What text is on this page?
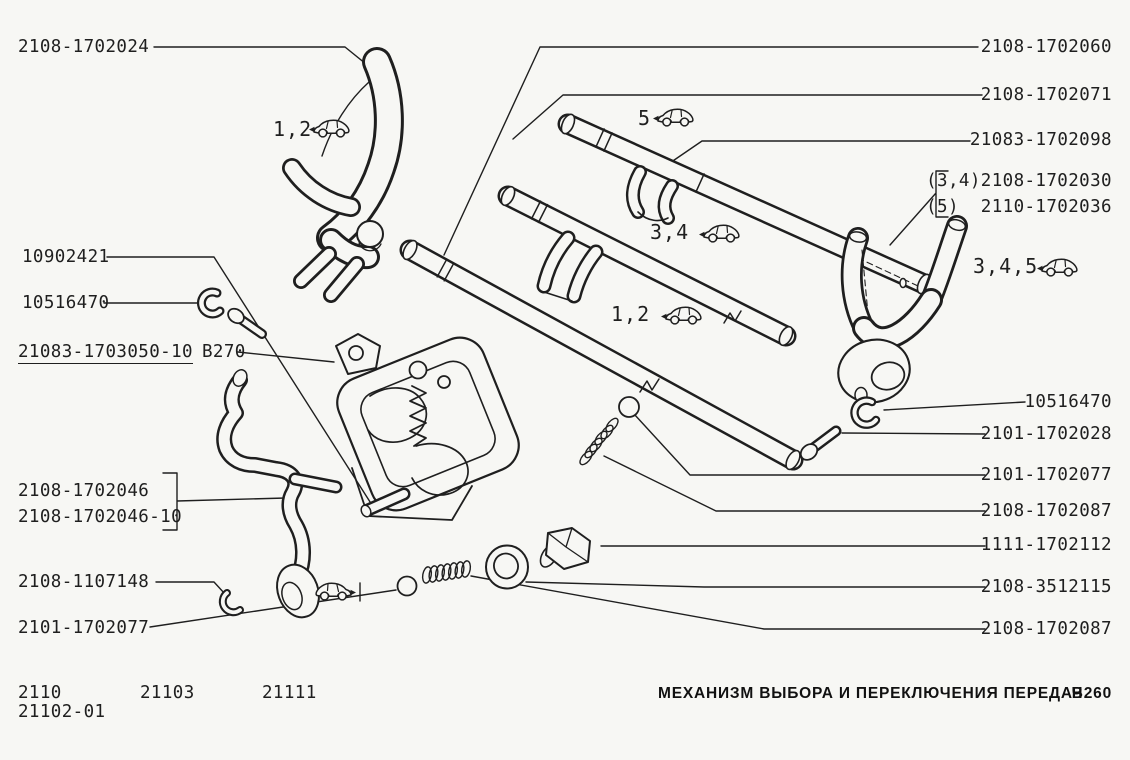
2108-1702024
10902421
10516470
21083-1703050-10 В270
2108-1702046
2108-1702046-10
2108-1107148
2101-1702077
2108-1702060
2108-1702071
21083-1702098
(3,4)2108-1702030
(5)  2110-1702036
10516470
2101-1702028
2101-1702077
2108-1702087
1111-1702112
2108-3512115
2108-1702087
1,2	5
3,4
1,2
3,4,5
2110
21102-01
21103	21111	МЕХАНИЗМ ВЫБОРА И ПЕРЕКЛЮЧЕНИЯ ПЕРЕДАЧ
В260
